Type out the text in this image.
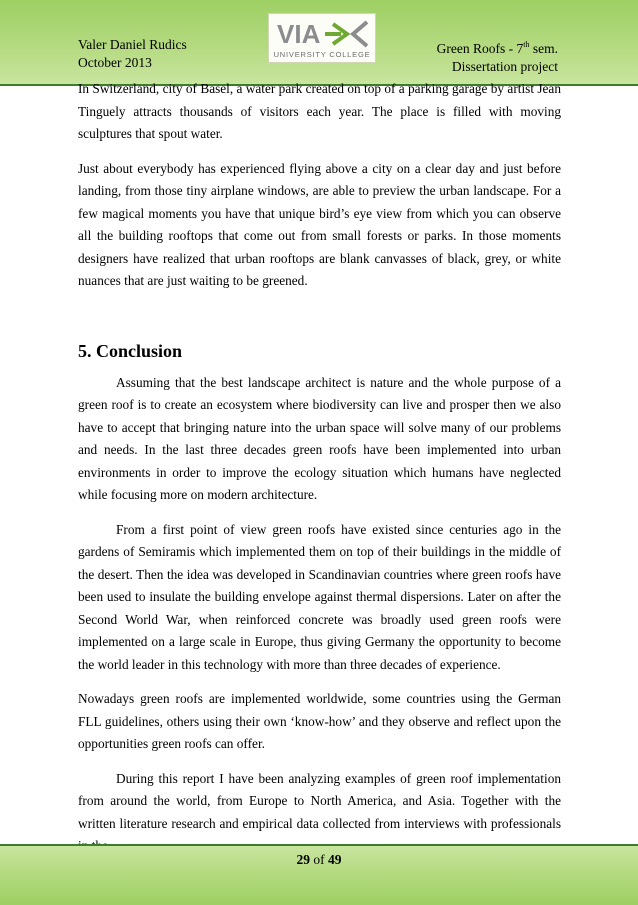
Valer Daniel Rudics
October 2013
VIA
UNIVERSITY COLLEGE	Green Roofs - 7th sem.
Dissertation project

In Switzerland, city of Basel, a water park created on top of a parking garage by artist Jean Tinguely attracts thousands of visitors each year. The place is filled with moving sculptures that spout water.

Just about everybody has experienced flying above a city on a clear day and just before landing, from those tiny airplane windows, are able to preview the urban landscape. For a few magical moments you have that unique bird’s eye view from which you can observe all the building rooftops that come out from small forests or parks. In those moments designers have realized that urban rooftops are blank canvasses of black, grey, or white nuances that are just waiting to be greened.

5. Conclusion

Assuming that the best landscape architect is nature and the whole purpose of a green roof is to create an ecosystem where biodiversity can live and prosper then we also have to accept that bringing nature into the urban space will solve many of our problems and needs. In the last three decades green roofs have been implemented into urban environments in order to improve the ecology situation which humans have neglected while focusing more on modern architecture.

From a first point of view green roofs have existed since centuries ago in the gardens of Semiramis which implemented them on top of their buildings in the middle of the desert. Then the idea was developed in Scandinavian countries where green roofs have been used to insulate the building envelope against thermal dispersions. Later on after the Second World War, when reinforced concrete was broadly used green roofs were implemented on a large scale in Europe, thus giving Germany the opportunity to become the world leader in this technology with more than three decades of experience.

Nowadays green roofs are implemented worldwide, some countries using the German FLL guidelines, others using their own ‘know-how’ and they observe and reflect upon the opportunities green roofs can offer.

During this report I have been analyzing examples of green roof implementation from around the world, from Europe to North America, and Asia. Together with the written literature research and empirical data collected from interviews with professionals

29 of 49
